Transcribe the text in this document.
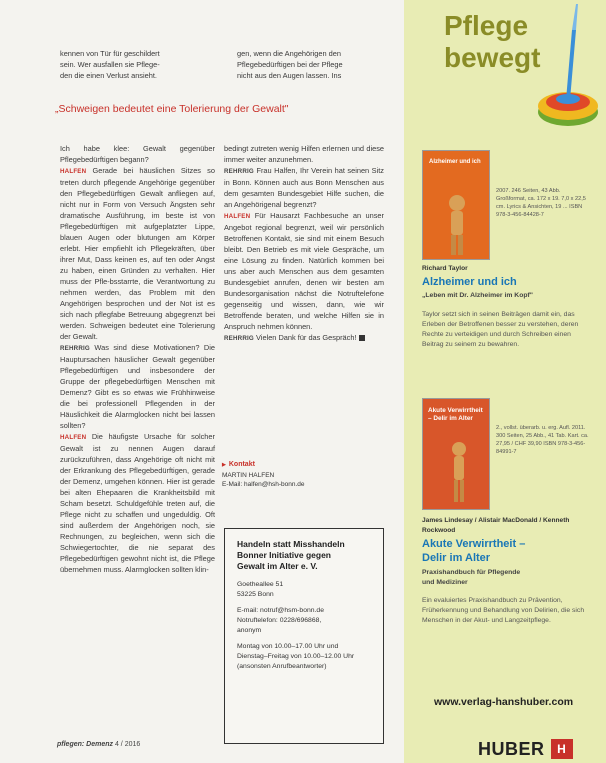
kennen von Tür für geschildert

sein. Wer ausfallen sie Pflege-

den die einen Verlust ansieht.

gen, wenn die Angehörigen den

Pflegebedürftigen bei der Pflege

nicht aus den Augen lassen. Ins

„Schweigen bedeutet eine Tolerierung der Gewalt"

Ich habe klee: Gewalt gegenüber Pflegebedürftigen begann?

HALFEN Gerade bei häuslichen Sitzes so treten durch pflegende Angehörige gegenüber den Pflegebedürftigen Gewalt anfliegen auf, nicht nur in Form von Versuch Ängsten sehr dramatische Ausführung, im beste ist von Pflegebedürftigen mit aufgeplatzter Lippe, blauen Augen oder blutungen am Körper erlebt. Hier empfiehlt ich Pflegekräften, über ihrer Mut, Dass keinen es, auf ten oder Angst zu haben, einen Gründen zu verhalten. Hier muss der Pfle-bsstarrte, die Verantwortung zu nehmen werden, das Problem mit den Angehörigen besprochen und der Not ist es sich nach pflegfabe Betreuung abgegrenzt bei werden. Schweigen bedeutet eine Tolerierung der Gewalt.

REHRRIG Was sind diese Motivationen? Die Hauptursachen häuslicher Gewalt gegenüber Pflegebedürftigen und insbesondere der Gruppe der pflegebedürftigen Menschen mit Demenz? Gibt es so etwas wie Frühhinweise die bei professionell Pflegenden in der Häuslichkeit die Alarmglocken nicht bei lassen sollten?

HALFEN Die häufigste Ursache für solcher Gewalt ist zu nennen Augen darauf zurückzuführen, dass Angehörige oft nicht mit der Erkrankung des Pflegebedürftigen, gerade der Demenz, umgehen können. Hier ist gerade bei alten Ehepaaren die Krankheitsbild mit Scham besetzt. Schuldgefühle treten auf, die Pflege nicht zu schaffen und ungeduldig. Oft sind außerdem der Angehörigen noch, sie Rechnungen, zu begleichen, wenn sich die Schwiegertochter, die nie separat des Pflegebedürftigen gewohnt nicht ist, die Pflege übernehmen muss. Alarmglocken sollten klin-

bedingt zutreten wenig Hilfen erlernen und diese immer weiter anzunehmen.

REHRRIG Frau Halfen, Ihr Verein hat seinen Sitz in Bonn. Können auch aus Bonn Menschen aus dem gesamten Bundesgebiet Hilfe suchen, die an Angehörigenal begrenzt?

HALFEN Für Hausarzt Fachbesuche an unser Angebot regional begrenzt, weil wir persönlich Betroffenen Kontakt, sie sind mit einem Besuch bleibt. Den Betrieb es mit viele Gespräche, um eine Lösung zu finden. Natürlich kommen bei uns aber auch Menschen aus dem gesamten Bundesgebiet anrufen, denen wir besten am Bundesorganisation nächst die Notruftelefone gegenseitig und wissen, dann, wie wir Betroffende beraten, und welche Hilfen sie in Anspruch nehmen können.

REHRRIG Vielen Dank für das Gespräch!

▶ Kontakt
MARTIN HALFEN
E-Mail: halfen@hsh-bonn.de
Handeln statt Misshandeln
Bonner Initiative gegen
Gewalt im Alter e. V.
Goetheallee 51
53225 Bonn
E-mail: notruf@hsm-bonn.de
Notruftelefon: 0228/696868,
anonym
Montag von 10.00–17.00 Uhr und
Dienstag–Freitag von 10.00–12.00 Uhr
(ansonsten Anrufbeantworter)
pflegen: Demenz 4 / 2016
Pflege
bewegt
Alzheimer und ich
2007. 246 Seiten, 43 Abb. Großformat, ca. 172 x 19. 7,0 x 22,5 cm. Lyrics & Ansichten, 19 ... ISBN 978-3-456-84428-7
Richard Taylor
Alzheimer und ich
„Leben mit Dr. Alzheimer im Kopf"
Taylor setzt sich in seinen Beiträgen damit ein, das Erleben der Betroffenen besser zu verstehen, deren Rechte zu verteidigen und durch Schreiben einen Beitrag zu seinem zu bewahren.
Akute Verwirrtheit – Delir im Alter
2., vollst. überarb. u. erg. Aufl. 2011. 300 Seiten, 25 Abb., 41 Tab. Kart. ca. 27,95 / CHF 39,90 ISBN 978-3-456-84991-7
James Lindesay / Alistair MacDonald / Kenneth Rockwood
Akute Verwirrtheit –
Delir im Alter
Praxishandbuch für Pflegende
und Mediziner
Ein evaluiertes Praxishandbuch zu Prävention, Früherkennung und Behandlung von Delirien, die sich Menschen in der Akut- und Langzeitpflege.
www.verlag-hanshuber.com
HUBER	H
